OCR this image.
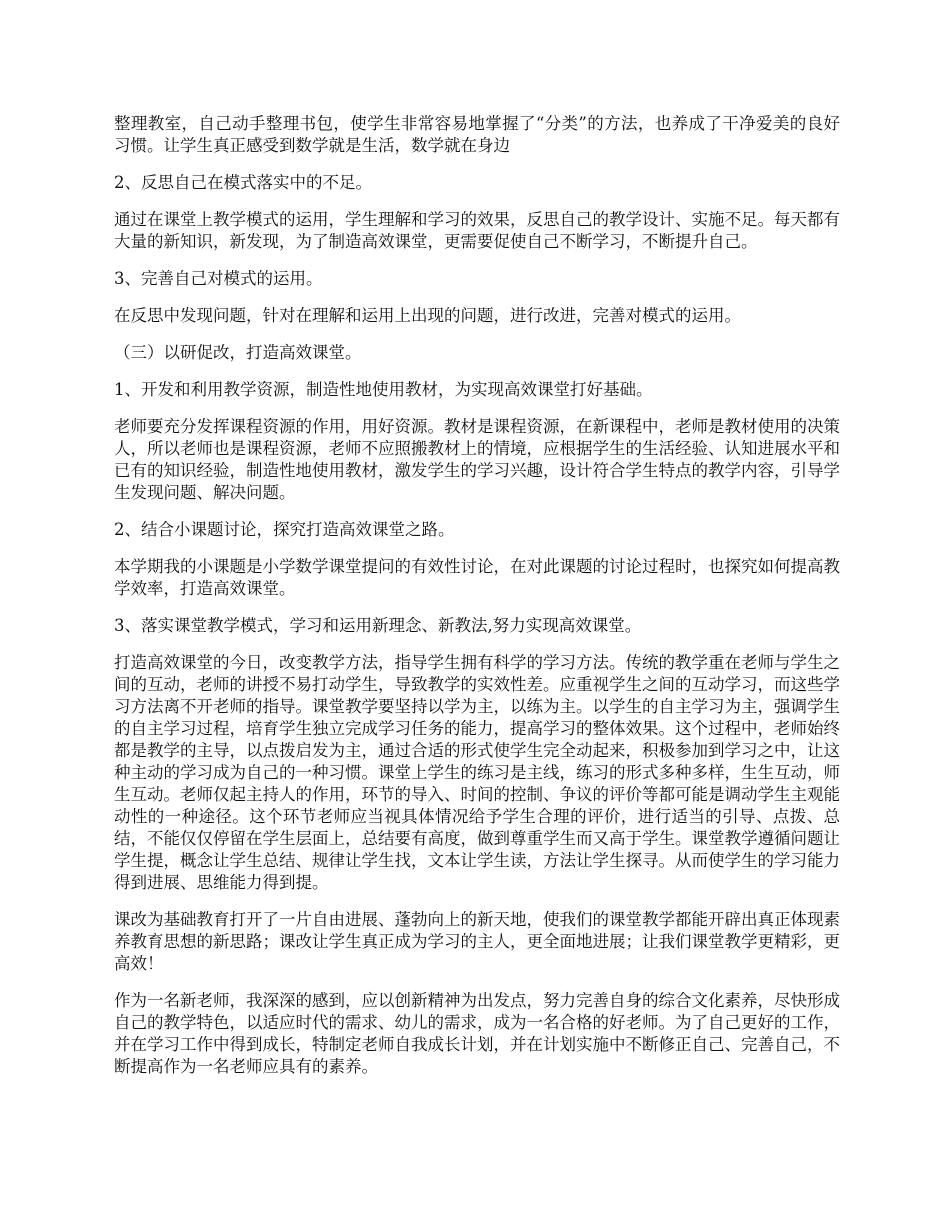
整理教室，自己动手整理书包，使学生非常容易地掌握了“分类”的方法，也养成了干净爱美的良好习惯。让学生真正感受到数学就是生活，数学就在身边

2、反思自己在模式落实中的不足。

通过在课堂上教学模式的运用，学生理解和学习的效果，反思自己的教学设计、实施不足。每天都有大量的新知识，新发现，为了制造高效课堂，更需要促使自己不断学习，不断提升自己。

3、完善自己对模式的运用。

在反思中发现问题，针对在理解和运用上出现的问题，进行改进，完善对模式的运用。

（三）以研促改，打造高效课堂。

1、开发和利用教学资源，制造性地使用教材，为实现高效课堂打好基础。

老师要充分发挥课程资源的作用，用好资源。教材是课程资源，在新课程中，老师是教材使用的决策人，所以老师也是课程资源，老师不应照搬教材上的情境，应根据学生的生活经验、认知进展水平和已有的知识经验，制造性地使用教材，激发学生的学习兴趣，设计符合学生特点的教学内容，引导学生发现问题、解决问题。

2、结合小课题讨论，探究打造高效课堂之路。

本学期我的小课题是小学数学课堂提问的有效性讨论，在对此课题的讨论过程时，也探究如何提高教学效率，打造高效课堂。

3、落实课堂教学模式，学习和运用新理念、新教法,努力实现高效课堂。

打造高效课堂的今日，改变教学方法，指导学生拥有科学的学习方法。传统的教学重在老师与学生之间的互动，老师的讲授不易打动学生，导致教学的实效性差。应重视学生之间的互动学习，而这些学习方法离不开老师的指导。课堂教学要坚持以学为主，以练为主。以学生的自主学习为主，强调学生的自主学习过程，培育学生独立完成学习任务的能力，提高学习的整体效果。这个过程中，老师始终都是教学的主导，以点拨启发为主，通过合适的形式使学生完全动起来，积极参加到学习之中，让这种主动的学习成为自己的一种习惯。课堂上学生的练习是主线，练习的形式多种多样，生生互动，师生互动。老师仅起主持人的作用，环节的导入、时间的控制、争议的评价等都可能是调动学生主观能动性的一种途径。这个环节老师应当视具体情况给予学生合理的评价，进行适当的引导、点拨、总结，不能仅仅停留在学生层面上，总结要有高度，做到尊重学生而又高于学生。课堂教学遵循问题让学生提，概念让学生总结、规律让学生找，文本让学生读，方法让学生探寻。从而使学生的学习能力得到进展、思维能力得到提。

课改为基础教育打开了一片自由进展、蓬勃向上的新天地，使我们的课堂教学都能开辟出真正体现素养教育思想的新思路；课改让学生真正成为学习的主人，更全面地进展；让我们课堂教学更精彩，更高效！

作为一名新老师，我深深的感到，应以创新精神为出发点，努力完善自身的综合文化素养，尽快形成自己的教学特色，以适应时代的需求、幼儿的需求，成为一名合格的好老师。为了自己更好的工作，并在学习工作中得到成长，特制定老师自我成长计划，并在计划实施中不断修正自己、完善自己，不断提高作为一名老师应具有的素养。
